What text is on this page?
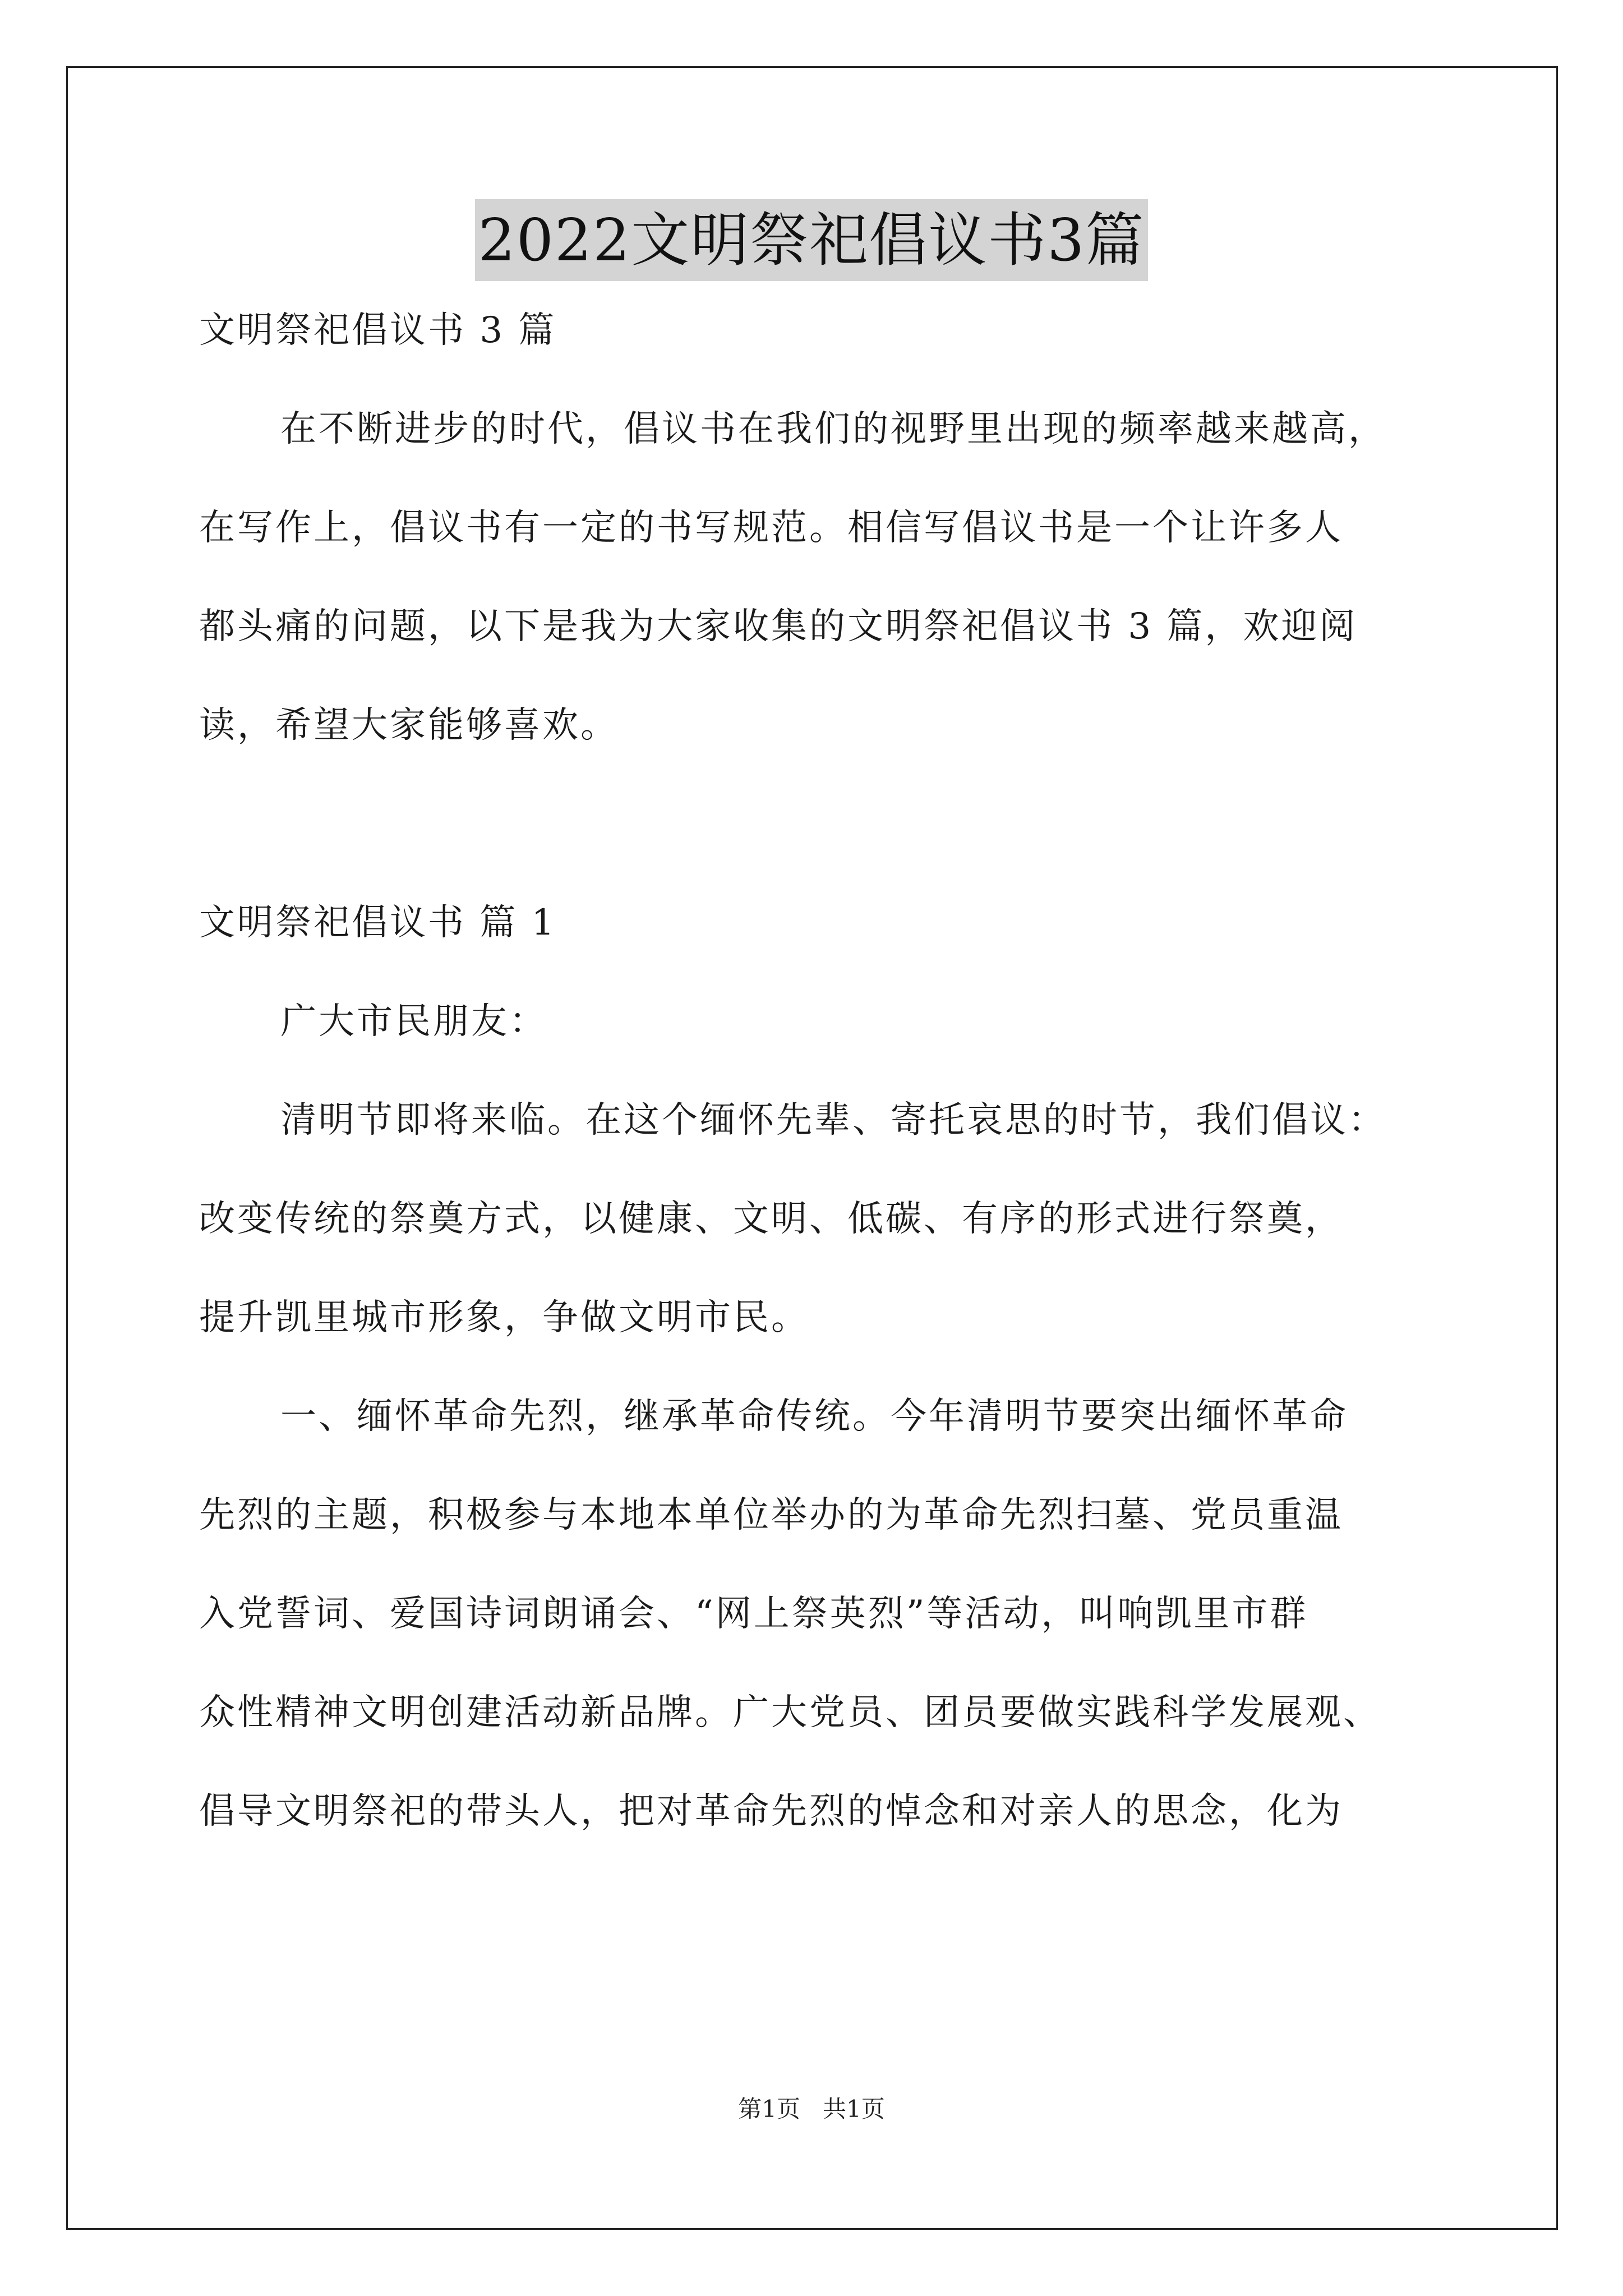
2022文明祭祀倡议书3篇

文明祭祀倡议书 3 篇

在不断进步的时代，倡议书在我们的视野里出现的频率越来越高，

在写作上，倡议书有一定的书写规范。相信写倡议书是一个让许多人

都头痛的问题，以下是我为大家收集的文明祭祀倡议书 3 篇，欢迎阅

读，希望大家能够喜欢。

文明祭祀倡议书 篇 1

广大市民朋友：

清明节即将来临。在这个缅怀先辈、寄托哀思的时节，我们倡议：

改变传统的祭奠方式，以健康、文明、低碳、有序的形式进行祭奠，

提升凯里城市形象，争做文明市民。

一、缅怀革命先烈，继承革命传统。今年清明节要突出缅怀革命

先烈的主题，积极参与本地本单位举办的为革命先烈扫墓、党员重温

入党誓词、爱国诗词朗诵会、“网上祭英烈”等活动，叫响凯里市群

众性精神文明创建活动新品牌。广大党员、团员要做实践科学发展观、

倡导文明祭祀的带头人，把对革命先烈的悼念和对亲人的思念，化为

第1页   共1页
